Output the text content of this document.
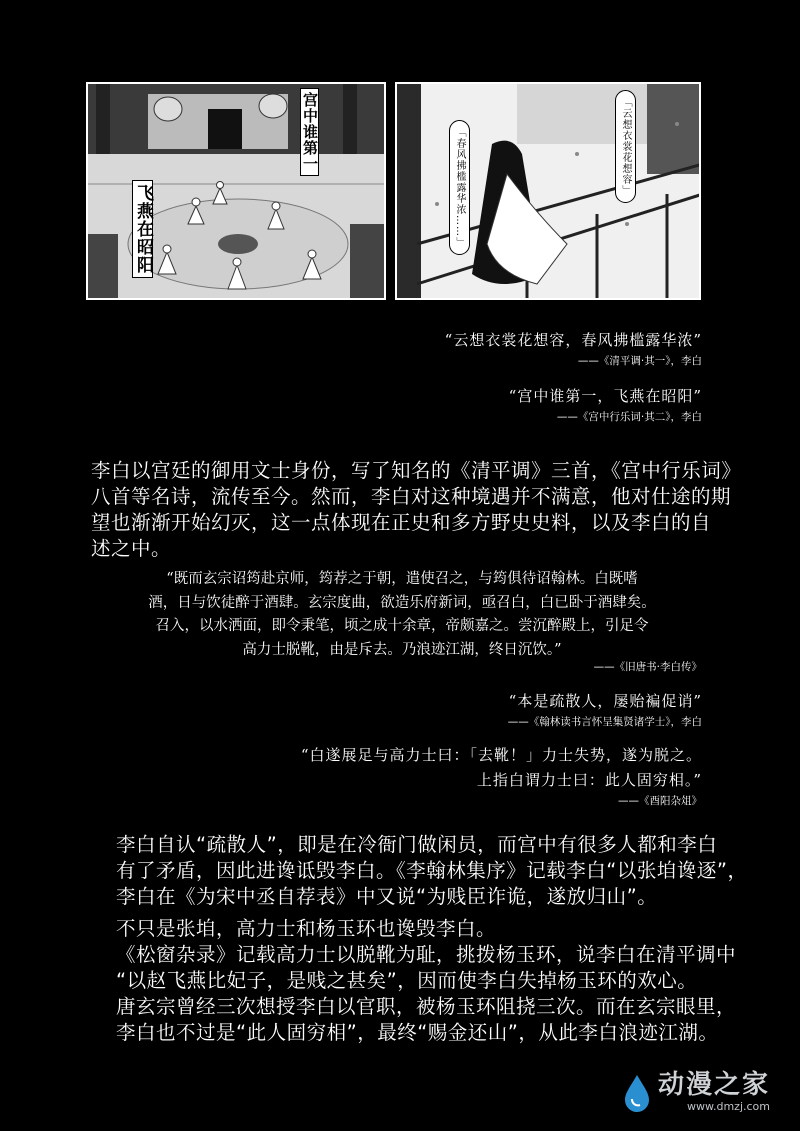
宫中谁第一
飞燕在昭阳
「云想衣裳花想容」
「春风拂槛露华浓……」
“云想衣裳花想容，春风拂槛露华浓”
——《清平调·其一》，李白
“宫中谁第一，飞燕在昭阳”
——《宫中行乐词·其二》，李白

李白以宫廷的御用文士身份，写了知名的《清平调》三首，《宫中行乐词》

八首等名诗，流传至今。然而，李白对这种境遇并不满意，他对仕途的期

望也渐渐开始幻灭，这一点体现在正史和多方野史史料，以及李白的自

述之中。

“既而玄宗诏筠赴京师，筠荐之于朝，遣使召之，与筠俱待诏翰林。白既嗜

酒，日与饮徒醉于酒肆。玄宗度曲，欲造乐府新词，亟召白，白已卧于酒肆矣。

召入，以水洒面，即令秉笔，顷之成十余章，帝颇嘉之。尝沉醉殿上，引足令

高力士脱靴，由是斥去。乃浪迹江湖，终日沉饮。”

——《旧唐书·李白传》
“本是疏散人，屡贻褊促诮”
——《翰林读书言怀呈集贤诸学士》，李白
“白遂展足与高力士曰：「去靴！」力士失势，遂为脱之。
上指白谓力士曰：此人固穷相。”
——《酉阳杂俎》

李白自认“疏散人”，即是在冷衙门做闲员，而宫中有很多人都和李白

有了矛盾，因此进谗诋毁李白。《李翰林集序》记载李白“以张垍谗逐”，

李白在《为宋中丞自荐表》中又说“为贱臣诈诡，遂放归山”。

不只是张垍，高力士和杨玉环也谗毁李白。

《松窗杂录》记载高力士以脱靴为耻，挑拨杨玉环，说李白在清平调中

“以赵飞燕比妃子，是贱之甚矣”，因而使李白失掉杨玉环的欢心。

唐玄宗曾经三次想授李白以官职，被杨玉环阻挠三次。而在玄宗眼里，

李白也不过是“此人固穷相”，最终“赐金还山”，从此李白浪迹江湖。

动漫之家
www.dmzj.com
